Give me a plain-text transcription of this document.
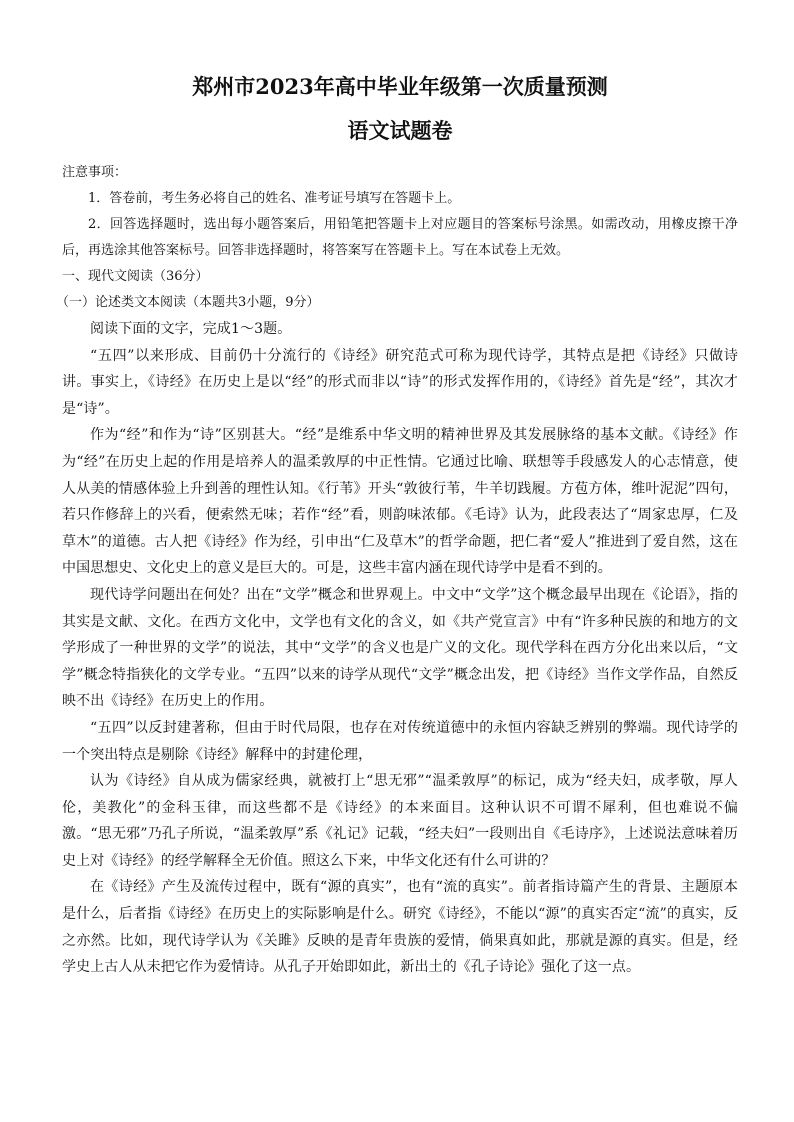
郑州市2023年高中毕业年级第一次质量预测
语文试题卷

注意事项：

1．答卷前，考生务必将自己的姓名、准考证号填写在答题卡上。

2．回答选择题时，选出每小题答案后，用铅笔把答题卡上对应题目的答案标号涂黑。如需改动，用橡皮擦干净后，再选涂其他答案标号。回答非选择题时，将答案写在答题卡上。写在本试卷上无效。

一、现代文阅读（36分）

（一）论述类文本阅读（本题共3小题，9分）

阅读下面的文字，完成1～3题。

“五四”以来形成、目前仍十分流行的《诗经》研究范式可称为现代诗学，其特点是把《诗经》只做诗讲。事实上，《诗经》在历史上是以“经”的形式而非以“诗”的形式发挥作用的，《诗经》首先是“经”，其次才是“诗”。

作为“经”和作为“诗”区别甚大。“经”是维系中华文明的精神世界及其发展脉络的基本文献。《诗经》作为“经”在历史上起的作用是培养人的温柔敦厚的中正性情。它通过比喻、联想等手段感发人的心志情意，使人从美的情感体验上升到善的理性认知。《行苇》开头“敦彼行苇，牛羊切践履。方苞方体，维叶泥泥”四句，若只作修辞上的兴看，便索然无味；若作“经”看，则韵味浓郁。《毛诗》认为，此段表达了“周家忠厚，仁及草木”的道德。古人把《诗经》作为经，引申出“仁及草木”的哲学命题，把仁者“爱人”推进到了爱自然，这在中国思想史、文化史上的意义是巨大的。可是，这些丰富内涵在现代诗学中是看不到的。

现代诗学问题出在何处？出在“文学”概念和世界观上。中文中“文学”这个概念最早出现在《论语》，指的其实是文献、文化。在西方文化中，文学也有文化的含义，如《共产党宣言》中有“许多种民族的和地方的文学形成了一种世界的文学”的说法，其中“文学”的含义也是广义的文化。现代学科在西方分化出来以后，“文学”概念特指狭化的文学专业。“五四”以来的诗学从现代“文学”概念出发，把《诗经》当作文学作品，自然反映不出《诗经》在历史上的作用。

“五四”以反封建著称，但由于时代局限，也存在对传统道德中的永恒内容缺乏辨别的弊端。现代诗学的一个突出特点是剔除《诗经》解释中的封建伦理，

认为《诗经》自从成为儒家经典，就被打上“思无邪”“温柔敦厚”的标记，成为“经夫妇，成孝敬，厚人伦，美教化”的金科玉律，而这些都不是《诗经》的本来面目。这种认识不可谓不犀利，但也难说不偏激。“思无邪”乃孔子所说，“温柔敦厚”系《礼记》记载，“经夫妇”一段则出自《毛诗序》，上述说法意味着历史上对《诗经》的经学解释全无价值。照这么下来，中华文化还有什么可讲的？

在《诗经》产生及流传过程中，既有“源的真实”，也有“流的真实”。前者指诗篇产生的背景、主题原本是什么，后者指《诗经》在历史上的实际影响是什么。研究《诗经》，不能以“源”的真实否定“流”的真实，反之亦然。比如，现代诗学认为《关雎》反映的是青年贵族的爱情，倘果真如此，那就是源的真实。但是，经学史上古人从未把它作为爱情诗。从孔子开始即如此，新出土的《孔子诗论》强化了这一点。
